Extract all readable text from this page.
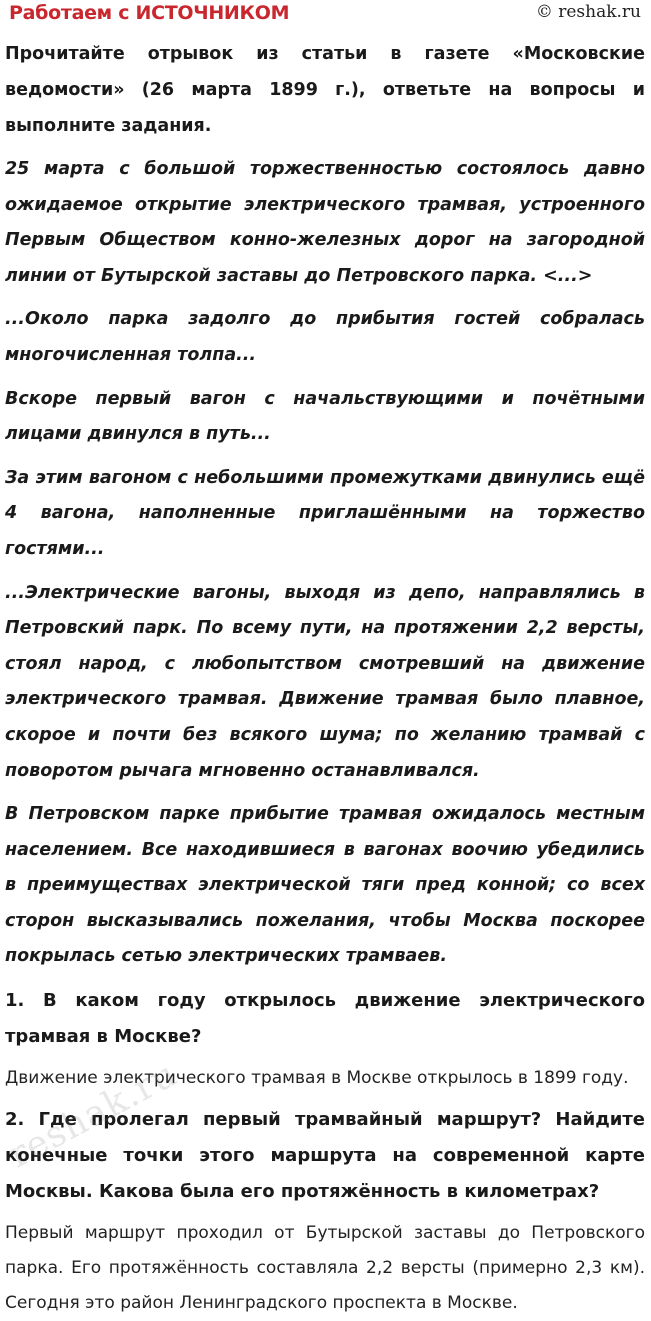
Работаем с ИСТОЧНИКОМ	© reshak.ru

Прочитайте отрывок из статьи в газете «Московские ведомости» (26 марта 1899 г.), ответьте на вопросы и выполните задания.

25 марта с большой торжественностью состоялось давно ожидаемое открытие электрического трамвая, устроенного Первым Обществом конно-железных дорог на загородной линии от Бутырской заставы до Петровского парка. <...>

...Около парка задолго до прибытия гостей собралась многочисленная толпа...

Вскоре первый вагон с начальствующими и почётными лицами двинулся в путь...

За этим вагоном с небольшими промежутками двинулись ещё 4 вагона, наполненные приглашёнными на торжество гостями...

...Электрические вагоны, выходя из депо, направлялись в Петровский парк. По всему пути, на протяжении 2,2 версты, стоял народ, с любопытством смотревший на движение электрического трамвая. Движение трамвая было плавное, скорое и почти без всякого шума; по желанию трамвай с поворотом рычага мгновенно останавливался.

В Петровском парке прибытие трамвая ожидалось местным населением. Все находившиеся в вагонах воочию убедились в преимуществах электрической тяги пред конной; со всех сторон высказывались пожелания, чтобы Москва поскорее покрылась сетью электрических трамваев.

1. В каком году открылось движение электрического трамвая в Москве?

Движение электрического трамвая в Москве открылось в 1899 году.

2. Где пролегал первый трамвайный маршрут? Найдите конечные точки этого маршрута на современной карте Москвы. Какова была его протяжённость в километрах?

Первый маршрут проходил от Бутырской заставы до Петровского парка. Его протяжённость составляла 2,2 версты (примерно 2,3 км). Сегодня это район Ленинградского проспекта в Москве.

reshak.ru
